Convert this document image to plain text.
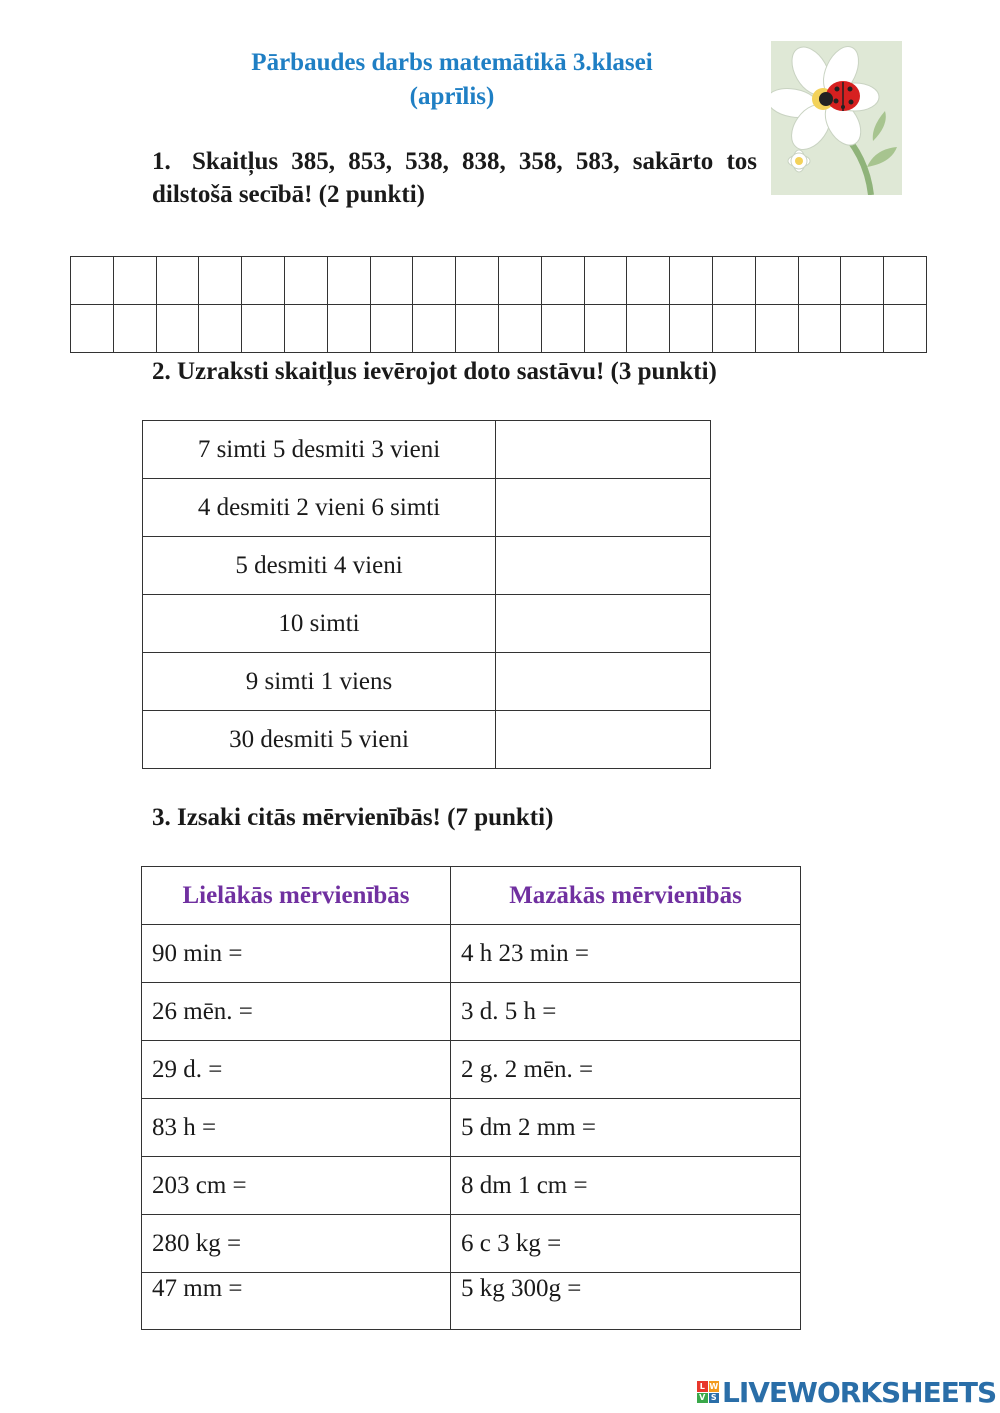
Pārbaudes darbs matemātikā 3.klasei
(aprīlis)

1. Skaitļus 385, 853, 538, 838, 358, 583, sakārto tos dilstošā secībā! (2 punkti)

2. Uzraksti skaitļus ievērojot doto sastāvu! (3 punkti)

7 simti 5 desmiti 3 vieni	
4 desmiti 2 vieni 6 simti	
5 desmiti 4 vieni	
10 simti	
9 simti 1 viens	
30 desmiti 5 vieni	

3. Izsaki citās mērvienībās! (7 punkti)

Lielākās mērvienībās	Mazākās mērvienībās
90 min =	4 h 23 min =
26 mēn. =	3 d. 5 h =
29 d. =	2 g. 2 mēn. =
83 h =	5 dm 2 mm =
203 cm =	8 dm 1 cm =
280 kg =	6 c 3 kg =
47 mm =	5 kg 300g =
L W
V S LIVEWORKSHEETS
